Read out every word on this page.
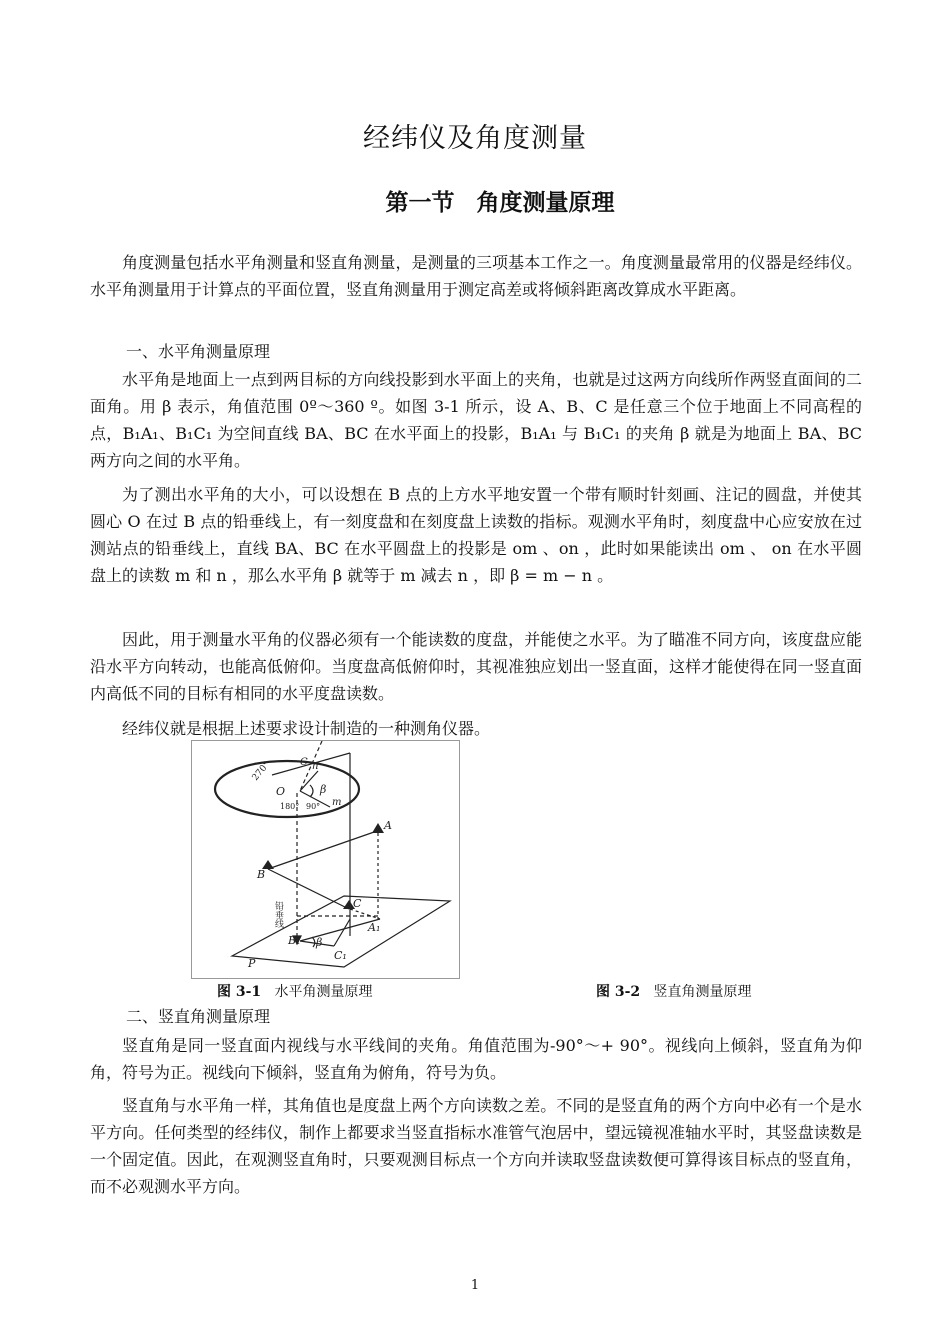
经纬仪及角度测量
第一节 角度测量原理

角度测量包括水平角测量和竖直角测量，是测量的三项基本工作之一。角度测量最常用的仪器是经纬仪。水平角测量用于计算点的平面位置，竖直角测量用于测定高差或将倾斜距离改算成水平距离。

一、水平角测量原理

水平角是地面上一点到两目标的方向线投影到水平面上的夹角，也就是过这两方向线所作两竖直面间的二面角。用 β 表示，角值范围 0º～360 º。如图 3-1 所示，设 A、B、C 是任意三个位于地面上不同高程的点，B₁A₁、B₁C₁ 为空间直线 BA、BC 在水平面上的投影，B₁A₁ 与 B₁C₁ 的夹角 β 就是为地面上 BA、BC 两方向之间的水平角。

为了测出水平角的大小，可以设想在 B 点的上方水平地安置一个带有顺时针刻画、注记的圆盘，并使其圆心 O 在过 B 点的铅垂线上，有一刻度盘和在刻度盘上读数的指标。观测水平角时，刻度盘中心应安放在过测站点的铅垂线上，直线 BA、BC 在水平圆盘上的投影是 om 、on ，此时如果能读出 om 、 on 在水平圆盘上的读数 m 和 n ，那么水平角 β 就等于 m 减去 n ，即 β = m − n 。

因此，用于测量水平角的仪器必须有一个能读数的度盘，并能使之水平。为了瞄准不同方向，该度盘应能沿水平方向转动，也能高低俯仰。当度盘高低俯仰时，其视准独应划出一竖直面，这样才能使得在同一竖直面内高低不同的目标有相同的水平度盘读数。

经纬仪就是根据上述要求设计制造的一种测角仪器。

O
270°
180° 90°
β
n
m
C
A
B
C
B₁ β
A₁
C₁
P
铅垂线
图 3-1 水平角测量原理	图 3-2 竖直角测量原理

二、竖直角测量原理

竖直角是同一竖直面内视线与水平线间的夹角。角值范围为-90°～+ 90°。视线向上倾斜，竖直角为仰角，符号为正。视线向下倾斜，竖直角为俯角，符号为负。

竖直角与水平角一样，其角值也是度盘上两个方向读数之差。不同的是竖直角的两个方向中必有一个是水平方向。任何类型的经纬仪，制作上都要求当竖直指标水准管气泡居中，望远镜视准轴水平时，其竖盘读数是一个固定值。因此，在观测竖直角时，只要观测目标点一个方向并读取竖盘读数便可算得该目标点的竖直角，而不必观测水平方向。

1
